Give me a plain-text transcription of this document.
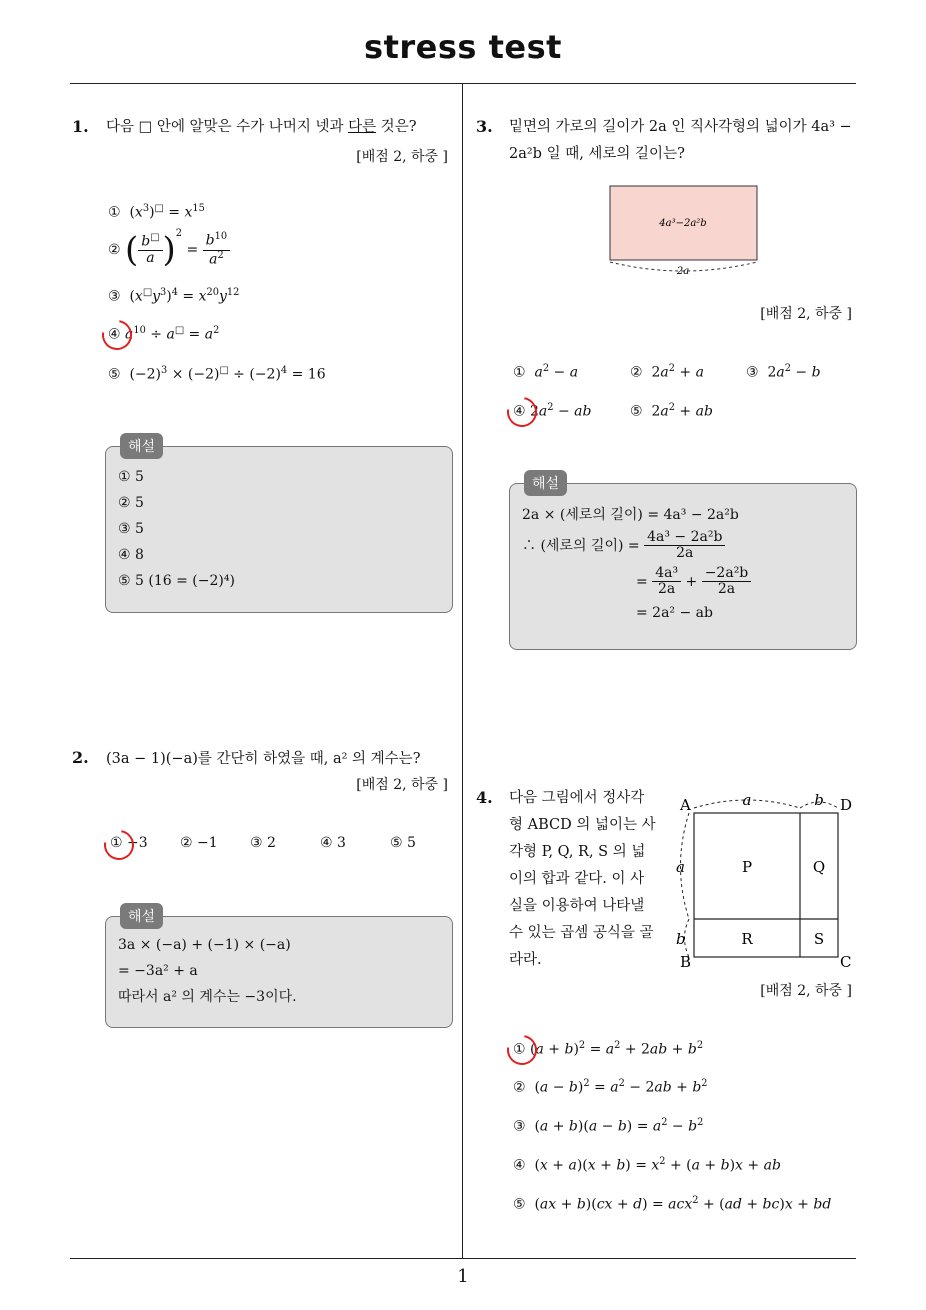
stress test
1
1. 다음 □ 안에 알맞은 수가 나머지 넷과 다른 것은?
[배점 2, 하중 ]
①  $(x^3)^□ = x^{15}$
② ( $\frac{b^□}{a} )^2 = \frac{b^{10}}{a^2}$
③  $(x^□y^3)^4 = x^{20}y^{12}$
④ $a^{10} \div a^□ = a^2$
⑤  $(-2)^3 \times (-2)^□ \div (-2)^4 = 16$
해설
① 5
② 5
③ 5
④ 8
⑤ 5 (16 = (−2)⁴)
2. (3a − 1)(−a)를 간단히 하였을 때, a² 의 계수는?
[배점 2, 하중 ]
① −3 ② −1 ③ 2	④ 3	⑤ 5
해설
3a × (−a) + (−1) × (−a)
= −3a² + a
따라서 a² 의 계수는 −3이다.
3. 밑면의 가로의 길이가 2a 인 직사각형의 넓이가 4a³ −
2a²b 일 때, 세로의 길이는?
4a³−2a²b
2a
[배점 2, 하중 ]
①  $a^2 - a$	②  $2a^2 + a$	③  $2a^2 - b$
④ $2a^2$ − ab	⑤  $2a^2$ + ab
해설
2a × (세로의 길이) = 4a³ − 2a²b
∴ (세로의 길이) = $\frac{\text{4a³ − 2a²b}}{2a}$
= $\frac{\text{4a³}}{2a} + \frac{\text{−2a²b}}{2a}$
= 2a² − ab
4. 다음 그림에서 정사각
형 ABCD 의 넓이는 사
각형 P, Q, R, S 의 넓
이의 합과 같다. 이 사
실을 이용하여 나타낼
수 있는 곱셈 공식을 골
라라.
A	D
B	C
P	Q
R	S
a	b
a
b
[배점 2, 하중 ]
① $(a + b)^2 = a^2 + 2ab + b^2$
②  $(a - b)^2 = a^2 - 2ab + b^2$
③  $(a + b)(a - b) = a^2 - b^2$
④  $(x + a)(x + b) = x^2 + (a + b)x$ + ab
⑤  (ax + b)(cx + d) = acx$^2$ + (ad + bc)x + bd
